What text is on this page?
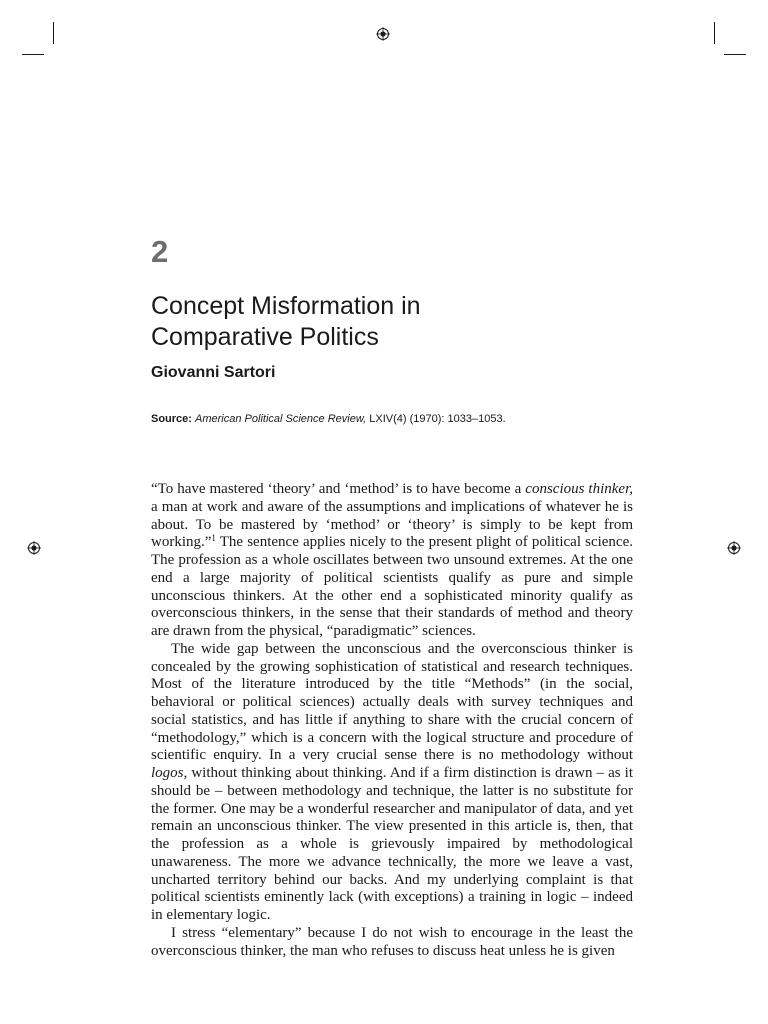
2
Concept Misformation in
Comparative Politics
Giovanni Sartori

Source: American Political Science Review, LXIV(4) (1970): 1033–1053.

“To have mastered ‘theory’ and ‘method’ is to have become a conscious thinker, a man at work and aware of the assumptions and implications of whatever he is about. To be mastered by ‘method’ or ‘theory’ is simply to be kept from working.”$^1$ The sentence applies nicely to the present plight of political science. The profession as a whole oscillates between two unsound extremes. At the one end a large majority of political scientists qualify as pure and simple unconscious thinkers. At the other end a sophisticated minority qualify as overconscious thinkers, in the sense that their standards of method and theory are drawn from the physical, “paradigmatic” sciences.

The wide gap between the unconscious and the overconscious thinker is concealed by the growing sophistication of statistical and research techniques. Most of the literature introduced by the title “Methods” (in the social, behavioral or political sciences) actually deals with survey techniques and social statistics, and has little if anything to share with the crucial concern of “methodology,” which is a concern with the logical structure and procedure of scientific enquiry. In a very crucial sense there is no methodology without logos, without thinking about thinking. And if a firm distinction is drawn – as it should be – between methodology and technique, the latter is no substitute for the former. One may be a wonderful researcher and manipulator of data, and yet remain an unconscious thinker. The view presented in this article is, then, that the profession as a whole is grievously impaired by methodological unawareness. The more we advance technically, the more we leave a vast, uncharted territory behind our backs. And my underlying complaint is that political scientists eminently lack (with exceptions) a training in logic – indeed in elementary logic.

I stress “elementary” because I do not wish to encourage in the least the overconscious thinker, the man who refuses to discuss heat unless he is given
